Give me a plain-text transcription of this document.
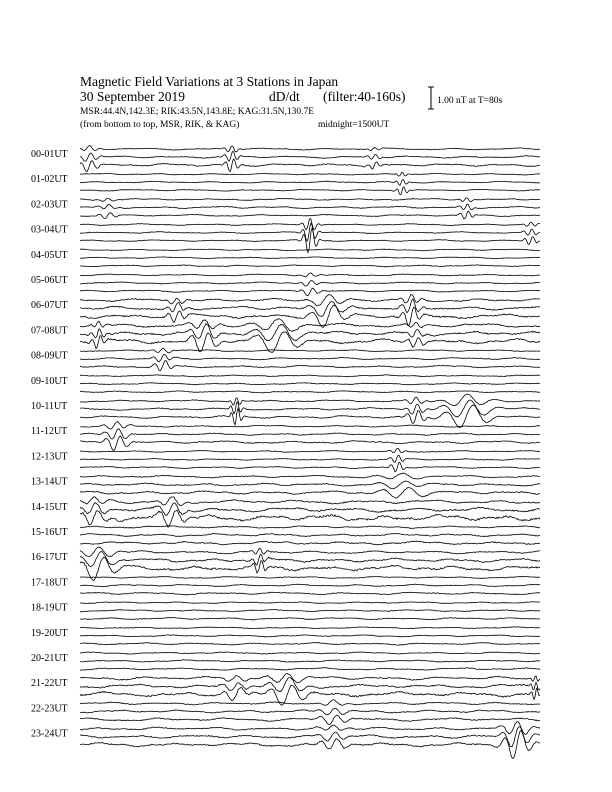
Magnetic Field Variations at 3 Stations in Japan
30 September 2019	dD/dt (filter:40-160s)
MSR:44.4N,142.3E; RIK:43.5N,143.8E; KAG:31.5N,130.7E
(from bottom to top, MSR, RIK, & KAG)	midnight=1500UT
1.00 nT at T=80s
00-01UT
01-02UT
02-03UT
03-04UT
04-05UT
05-06UT
06-07UT
07-08UT
08-09UT
09-10UT
10-11UT
11-12UT
12-13UT
13-14UT
14-15UT
15-16UT
16-17UT
17-18UT
18-19UT
19-20UT
20-21UT
21-22UT
22-23UT
23-24UT
